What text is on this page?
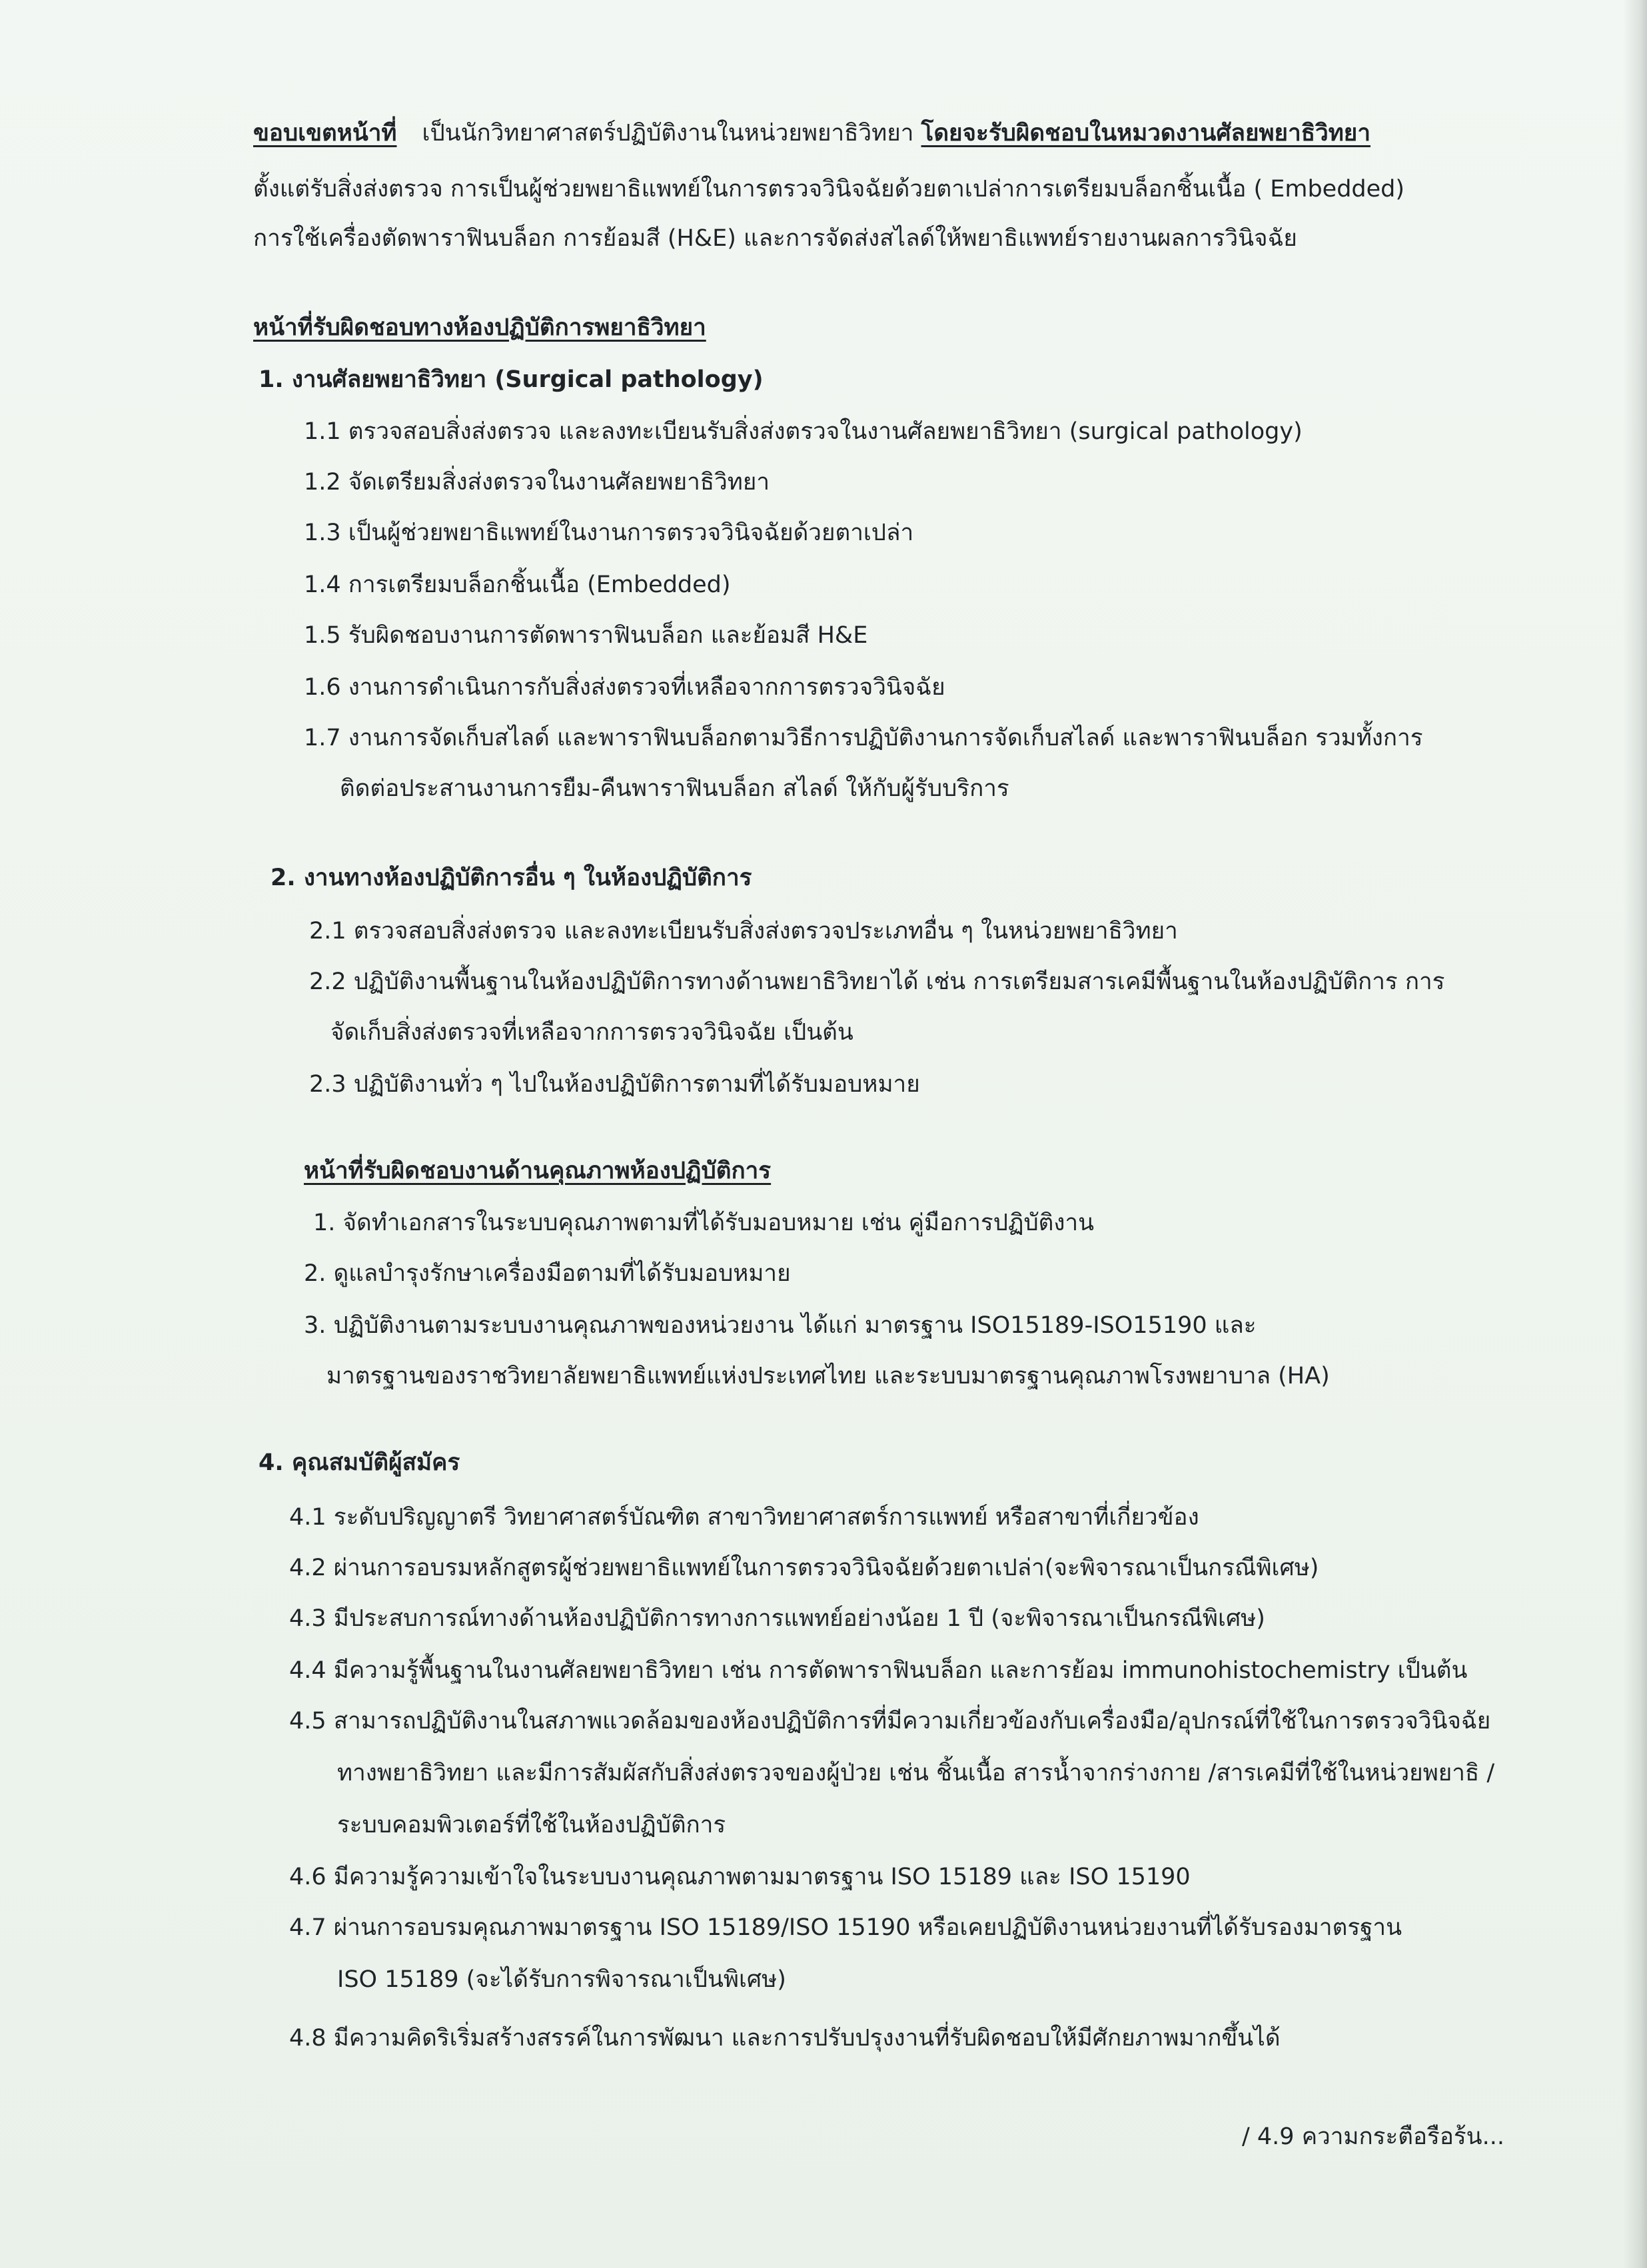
ขอบเขตหน้าที่ เป็นนักวิทยาศาสตร์ปฏิบัติงานในหน่วยพยาธิวิทยา โดยจะรับผิดชอบในหมวดงานศัลยพยาธิวิทยา

ตั้งแต่รับสิ่งส่งตรวจ การเป็นผู้ช่วยพยาธิแพทย์ในการตรวจวินิจฉัยด้วยตาเปล่าการเตรียมบล็อกชิ้นเนื้อ ( Embedded)

การใช้เครื่องตัดพาราฟินบล็อก การย้อมสี (H&E) และการจัดส่งสไลด์ให้พยาธิแพทย์รายงานผลการวินิจฉัย

หน้าที่รับผิดชอบทางห้องปฏิบัติการพยาธิวิทยา

1. งานศัลยพยาธิวิทยา (Surgical pathology)

1.1 ตรวจสอบสิ่งส่งตรวจ และลงทะเบียนรับสิ่งส่งตรวจในงานศัลยพยาธิวิทยา (surgical pathology)

1.2 จัดเตรียมสิ่งส่งตรวจในงานศัลยพยาธิวิทยา

1.3 เป็นผู้ช่วยพยาธิแพทย์ในงานการตรวจวินิจฉัยด้วยตาเปล่า

1.4 การเตรียมบล็อกชิ้นเนื้อ (Embedded)

1.5 รับผิดชอบงานการตัดพาราฟินบล็อก และย้อมสี H&E

1.6 งานการดำเนินการกับสิ่งส่งตรวจที่เหลือจากการตรวจวินิจฉัย

1.7 งานการจัดเก็บสไลด์ และพาราฟินบล็อกตามวิธีการปฏิบัติงานการจัดเก็บสไลด์ และพาราฟินบล็อก รวมทั้งการ

ติดต่อประสานงานการยืม-คืนพาราฟินบล็อก สไลด์ ให้กับผู้รับบริการ

2. งานทางห้องปฏิบัติการอื่น ๆ ในห้องปฏิบัติการ

2.1 ตรวจสอบสิ่งส่งตรวจ และลงทะเบียนรับสิ่งส่งตรวจประเภทอื่น ๆ ในหน่วยพยาธิวิทยา

2.2 ปฏิบัติงานพื้นฐานในห้องปฏิบัติการทางด้านพยาธิวิทยาได้ เช่น การเตรียมสารเคมีพื้นฐานในห้องปฏิบัติการ การ

จัดเก็บสิ่งส่งตรวจที่เหลือจากการตรวจวินิจฉัย เป็นต้น

2.3 ปฏิบัติงานทั่ว ๆ ไปในห้องปฏิบัติการตามที่ได้รับมอบหมาย

หน้าที่รับผิดชอบงานด้านคุณภาพห้องปฏิบัติการ

1. จัดทำเอกสารในระบบคุณภาพตามที่ได้รับมอบหมาย เช่น คู่มือการปฏิบัติงาน

2. ดูแลบำรุงรักษาเครื่องมือตามที่ได้รับมอบหมาย

3. ปฏิบัติงานตามระบบงานคุณภาพของหน่วยงาน ได้แก่ มาตรฐาน ISO15189-ISO15190 และ

มาตรฐานของราชวิทยาลัยพยาธิแพทย์แห่งประเทศไทย และระบบมาตรฐานคุณภาพโรงพยาบาล (HA)

4. คุณสมบัติผู้สมัคร

4.1 ระดับปริญญาตรี วิทยาศาสตร์บัณฑิต สาขาวิทยาศาสตร์การแพทย์ หรือสาขาที่เกี่ยวข้อง

4.2 ผ่านการอบรมหลักสูตรผู้ช่วยพยาธิแพทย์ในการตรวจวินิจฉัยด้วยตาเปล่า(จะพิจารณาเป็นกรณีพิเศษ)

4.3 มีประสบการณ์ทางด้านห้องปฏิบัติการทางการแพทย์อย่างน้อย 1 ปี (จะพิจารณาเป็นกรณีพิเศษ)

4.4 มีความรู้พื้นฐานในงานศัลยพยาธิวิทยา เช่น การตัดพาราฟินบล็อก และการย้อม immunohistochemistry เป็นต้น

4.5 สามารถปฏิบัติงานในสภาพแวดล้อมของห้องปฏิบัติการที่มีความเกี่ยวข้องกับเครื่องมือ/อุปกรณ์ที่ใช้ในการตรวจวินิจฉัย

ทางพยาธิวิทยา และมีการสัมผัสกับสิ่งส่งตรวจของผู้ป่วย เช่น ชิ้นเนื้อ สารน้ำจากร่างกาย /สารเคมีที่ใช้ในหน่วยพยาธิ /

ระบบคอมพิวเตอร์ที่ใช้ในห้องปฏิบัติการ

4.6 มีความรู้ความเข้าใจในระบบงานคุณภาพตามมาตรฐาน ISO 15189 และ ISO 15190

4.7 ผ่านการอบรมคุณภาพมาตรฐาน ISO 15189/ISO 15190 หรือเคยปฏิบัติงานหน่วยงานที่ได้รับรองมาตรฐาน

ISO 15189 (จะได้รับการพิจารณาเป็นพิเศษ)

4.8 มีความคิดริเริ่มสร้างสรรค์ในการพัฒนา และการปรับปรุงงานที่รับผิดชอบให้มีศักยภาพมากขึ้นได้

/ 4.9 ความกระตือรือร้น...
